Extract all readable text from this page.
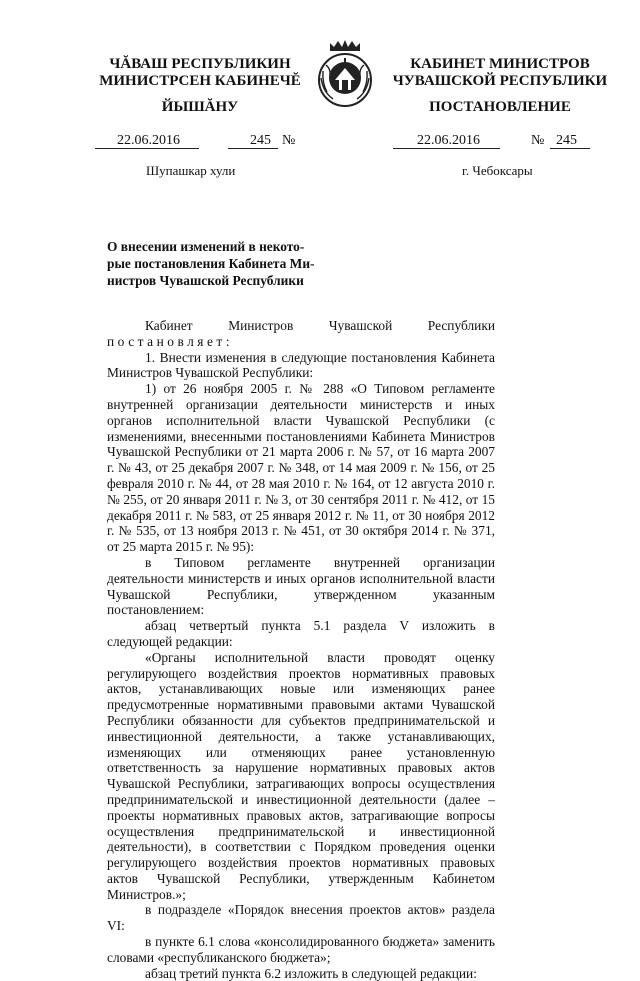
ЧĂВАШ РЕСПУБЛИКИН
МИНИСТРСЕН КАБИНЕЧĔ
КАБИНЕТ МИНИСТРОВ
ЧУВАШСКОЙ РЕСПУБЛИКИ
ЙЫШĂНУ	ПОСТАНОВЛЕНИЕ
22.06.2016	245 №	22.06.2016	№ 245
Шупашкар хули	г. Чебоксары
О внесении изменений в некото-
рые постановления Кабинета Ми-
нистров Чувашской Республики

Кабинет Министров Чувашской Республики постановляет:

1. Внести изменения в следующие постановления Кабинета Министров Чувашской Республики:

1) от 26 ноября 2005 г. № 288 «О Типовом регламенте внутренней организации деятельности министерств и иных органов исполнительной власти Чувашской Республики (с изменениями, внесенными постановлениями Кабинета Министров Чувашской Республики от 21 марта 2006 г. № 57, от 16 марта 2007 г. № 43, от 25 декабря 2007 г. № 348, от 14 мая 2009 г. № 156, от 25 февраля 2010 г. № 44, от 28 мая 2010 г. № 164, от 12 августа 2010 г. № 255, от 20 января 2011 г. № 3, от 30 сентября 2011 г. № 412, от 15 декабря 2011 г. № 583, от 25 января 2012 г. № 11, от 30 ноября 2012 г. № 535, от 13 ноября 2013 г. № 451, от 30 октября 2014 г. № 371, от 25 марта 2015 г. № 95):

в Типовом регламенте внутренней организации деятельности министерств и иных органов исполнительной власти Чувашской Республики, утвержденном указанным постановлением:

абзац четвертый пункта 5.1 раздела V изложить в следующей редакции:

«Органы исполнительной власти проводят оценку регулирующего воздействия проектов нормативных правовых актов, устанавливающих новые или изменяющих ранее предусмотренные нормативными правовыми актами Чувашской Республики обязанности для субъектов предпринимательской и инвестиционной деятельности, а также устанавливающих, изменяющих или отменяющих ранее установленную ответственность за нарушение нормативных правовых актов Чувашской Республики, затрагивающих вопросы осуществления предпринимательской и инвестиционной деятельности (далее – проекты нормативных правовых актов, затрагивающие вопросы осуществления предпринимательской и инвестиционной деятельности), в соответствии с Порядком проведения оценки регулирующего воздействия проектов нормативных правовых актов Чувашской Республики, утвержденным Кабинетом Министров.»;

в подразделе «Порядок внесения проектов актов» раздела VI:

в пункте 6.1 слова «консолидированного бюджета» заменить словами «республиканского бюджета»;

абзац третий пункта 6.2 изложить в следующей редакции:
